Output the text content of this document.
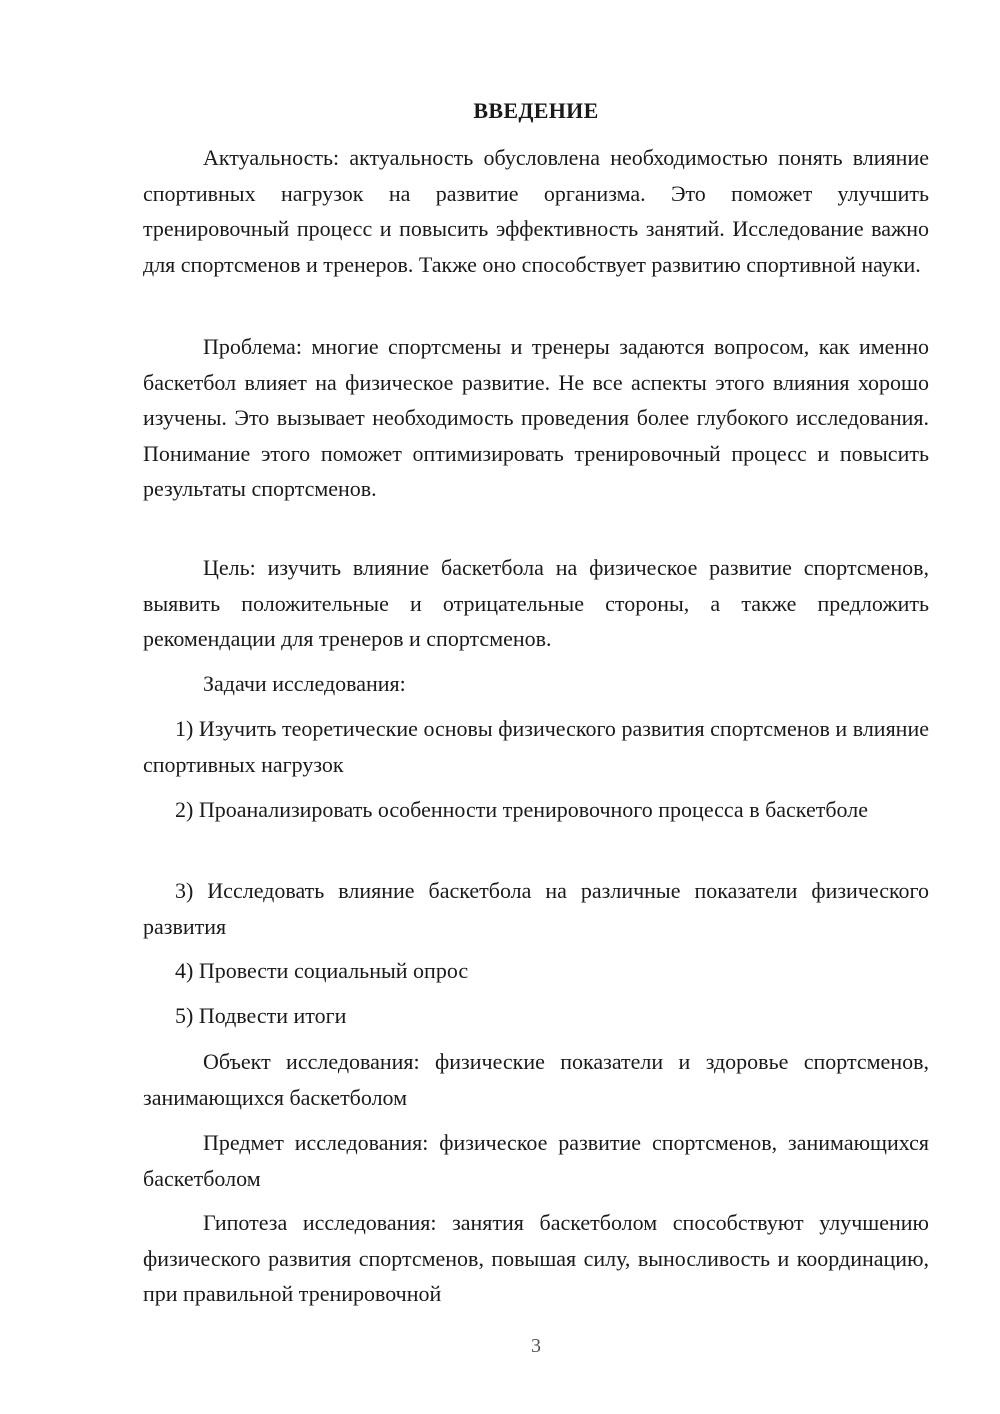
ВВЕДЕНИЕ

Актуальность: актуальность обусловлена необходимостью понять влияние спортивных нагрузок на развитие организма. Это поможет улучшить тренировочный процесс и повысить эффективность занятий. Исследование важно для спортсменов и тренеров. Также оно способствует развитию спортивной науки.

Проблема: многие спортсмены и тренеры задаются вопросом, как именно баскетбол влияет на физическое развитие. Не все аспекты этого влияния хорошо изучены. Это вызывает необходимость проведения более глубокого исследования. Понимание этого поможет оптимизировать тренировочный процесс и повысить результаты спортсменов.

Цель: изучить влияние баскетбола на физическое развитие спортсменов, выявить положительные и отрицательные стороны, а также предложить рекомендации для тренеров и спортсменов.

Задачи исследования:

1) Изучить теоретические основы физического развития спортсменов и влияние спортивных нагрузок

2) Проанализировать особенности тренировочного процесса в баскетболе

3) Исследовать влияние баскетбола на различные показатели физического развития

4) Провести социальный опрос

5) Подвести итоги

Объект исследования: физические показатели и здоровье спортсменов, занимающихся баскетболом

Предмет исследования: физическое развитие спортсменов, занимающихся баскетболом

Гипотеза исследования: занятия баскетболом способствуют улучшению физического развития спортсменов, повышая силу, выносливость и координацию, при правильной тренировочной

3
